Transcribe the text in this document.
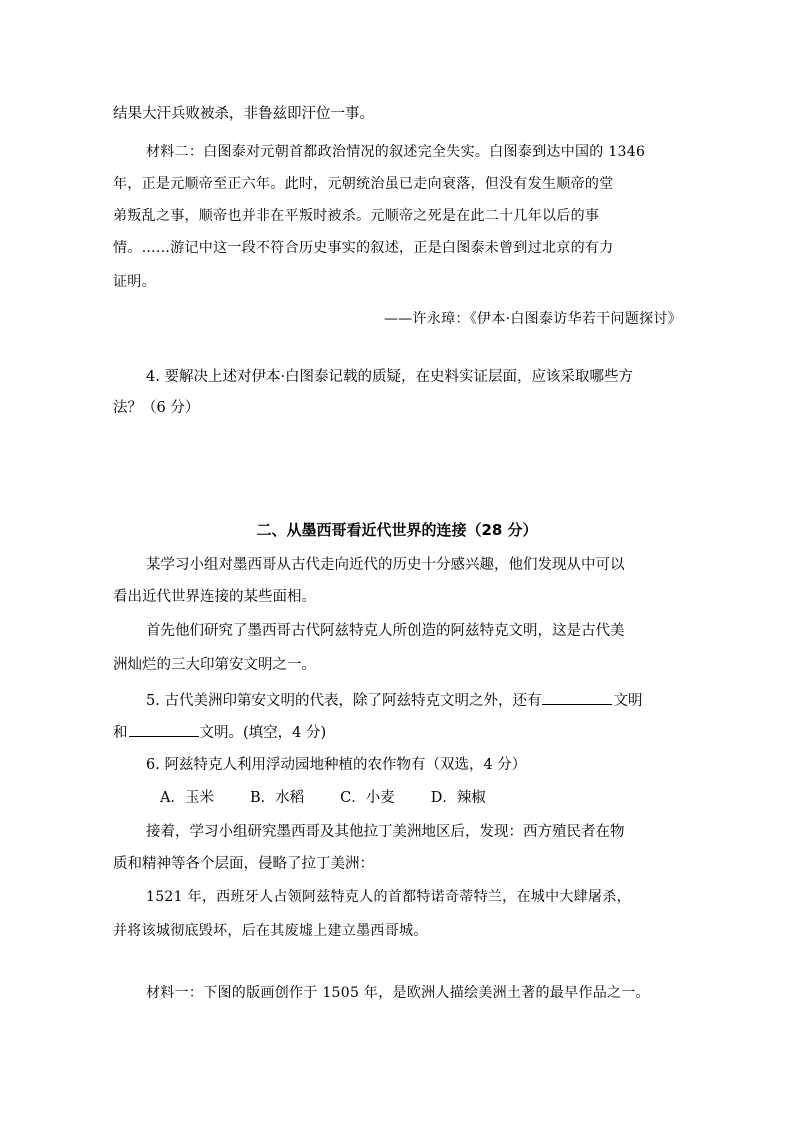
结果大汗兵败被杀，非鲁兹即汗位一事。
材料二：白图泰对元朝首都政治情况的叙述完全失实。白图泰到达中国的 1346
年，正是元顺帝至正六年。此时，元朝统治虽已走向衰落，但没有发生顺帝的堂
弟叛乱之事，顺帝也并非在平叛时被杀。元顺帝之死是在此二十几年以后的事
情。……游记中这一段不符合历史事实的叙述，正是白图泰未曾到过北京的有力
证明。
——许永璋：《伊本·白图泰访华若干问题探讨》
4. 要解决上述对伊本·白图泰记载的质疑，在史料实证层面，应该采取哪些方
法？（6 分）
二、从墨西哥看近代世界的连接（28 分）
某学习小组对墨西哥从古代走向近代的历史十分感兴趣，他们发现从中可以
看出近代世界连接的某些面相。
首先他们研究了墨西哥古代阿兹特克人所创造的阿兹特克文明，这是古代美
洲灿烂的三大印第安文明之一。
5. 古代美洲印第安文明的代表，除了阿兹特克文明之外，还有	文明
和	文明。(填空，4 分)
6. 阿兹特克人利用浮动园地种植的农作物有（双选，4 分）
A．玉米 B．水稻 C．小麦 D．辣椒
接着，学习小组研究墨西哥及其他拉丁美洲地区后，发现：西方殖民者在物
质和精神等各个层面，侵略了拉丁美洲：
1521 年，西班牙人占领阿兹特克人的首都特诺奇蒂特兰，在城中大肆屠杀，
并将该城彻底毁坏，后在其废墟上建立墨西哥城。
材料一：下图的版画创作于 1505 年，是欧洲人描绘美洲土著的最早作品之一。
